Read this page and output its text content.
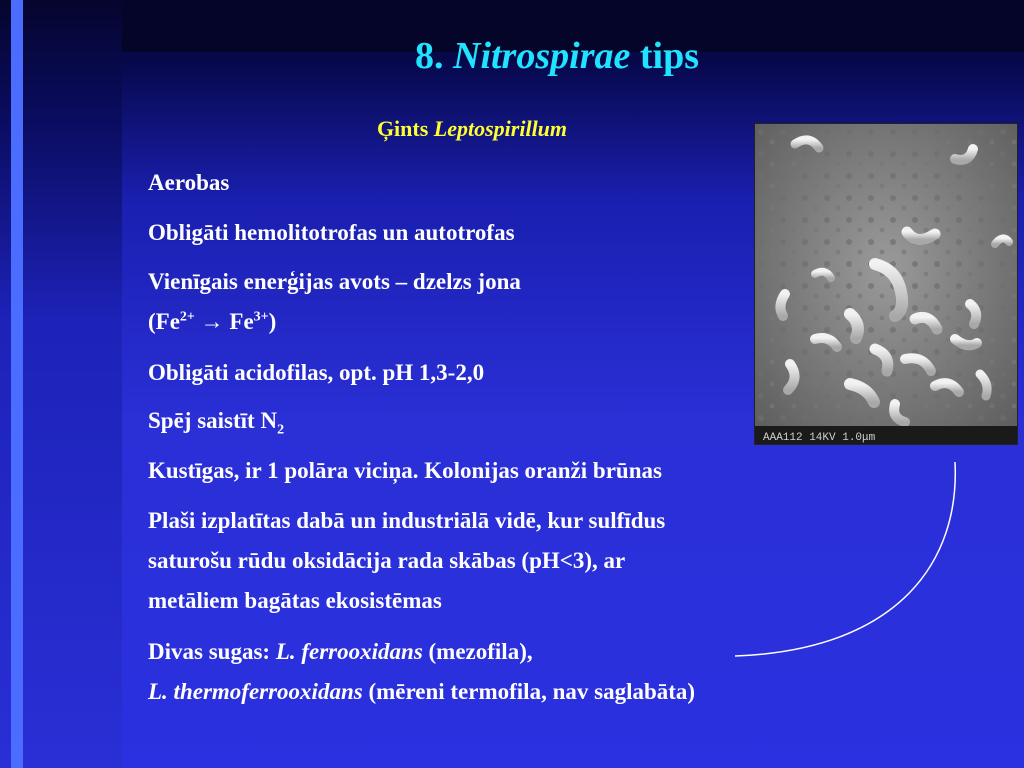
8. Nitrospirae tips
Ģints Leptospirillum
Aerobas
Obligāti hemolitotrofas un autotrofas
Vienīgais enerģijas avots – dzelzs jona
$(Fe^{2+} \to Fe^{3+})$
Obligāti acidofilas, opt. pH 1,3-2,0
Spēj saistīt $N_2$
Kustīgas, ir 1 polāra viciņa. Kolonijas oranži brūnas
Plaši izplatītas dabā un industriālā vidē, kur sulfīdus
saturošu rūdu oksidācija rada skābas (pH<3), ar
metāliem bagātas ekosistēmas
Divas sugas: L. ferrooxidans (mezofila),
L. thermoferrooxidans (mēreni termofila, nav saglabāta)
AAA112 14KV 1.0μm
